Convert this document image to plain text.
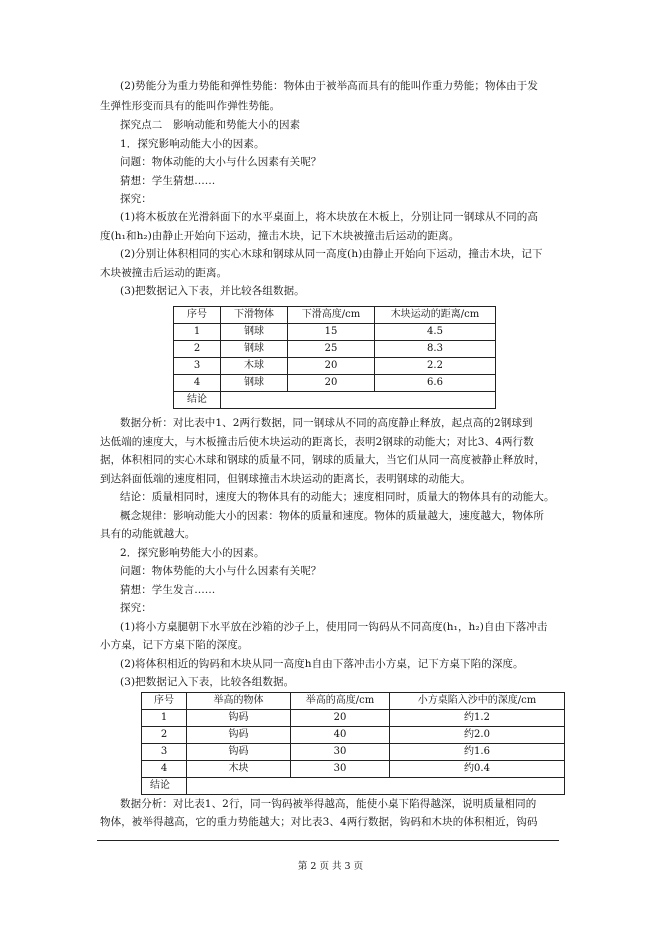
(2)势能分为重力势能和弹性势能：物体由于被举高而具有的能叫作重力势能；物体由于发
生弹性形变而具有的能叫作弹性势能。
探究点二　影响动能和势能大小的因素
1．探究影响动能大小的因素。
问题：物体动能的大小与什么因素有关呢？
猜想：学生猜想……
探究：
(1)将木板放在光滑斜面下的水平桌面上，将木块放在木板上，分别让同一钢球从不同的高
度(h₁和h₂)由静止开始向下运动，撞击木块，记下木块被撞击后运动的距离。
(2)分别让体积相同的实心木球和钢球从同一高度(h)由静止开始向下运动，撞击木块，记下
木块被撞击后运动的距离。
(3)把数据记入下表，并比较各组数据。
序号	下滑物体	下滑高度/cm	木块运动的距离/cm
1	钢球	15	4.5
2	钢球	25	8.3
3	木球	20	2.2
4	钢球	20	6.6
结论			
数据分析：对比表中1、2两行数据，同一钢球从不同的高度静止释放，起点高的2钢球到
达低端的速度大，与木板撞击后使木块运动的距离长，表明2钢球的动能大；对比3、4两行数
据，体积相同的实心木球和钢球的质量不同，钢球的质量大，当它们从同一高度被静止释放时，
到达斜面低端的速度相同，但钢球撞击木块运动的距离长，表明钢球的动能大。
结论：质量相同时，速度大的物体具有的动能大；速度相同时，质量大的物体具有的动能大。
概念规律：影响动能大小的因素：物体的质量和速度。物体的质量越大，速度越大，物体所
具有的动能就越大。
2．探究影响势能大小的因素。
问题：物体势能的大小与什么因素有关呢？
猜想：学生发言……
探究：
(1)将小方桌腿朝下水平放在沙箱的沙子上，使用同一钩码从不同高度(h₁，h₂)自由下落冲击
小方桌，记下方桌下陷的深度。
(2)将体积相近的钩码和木块从同一高度h自由下落冲击小方桌，记下方桌下陷的深度。
(3)把数据记入下表，比较各组数据。
序号	举高的物体	举高的高度/cm	小方桌陷入沙中的深度/cm
1	钩码	20	约1.2
2	钩码	40	约2.0
3	钩码	30	约1.6
4	木块	30	约0.4
结论			
数据分析：对比表1、2行，同一钩码被举得越高，能使小桌下陷得越深，说明质量相同的
物体，被举得越高，它的重力势能越大；对比表3、4两行数据，钩码和木块的体积相近，钩码
第 2 页 共 3 页
